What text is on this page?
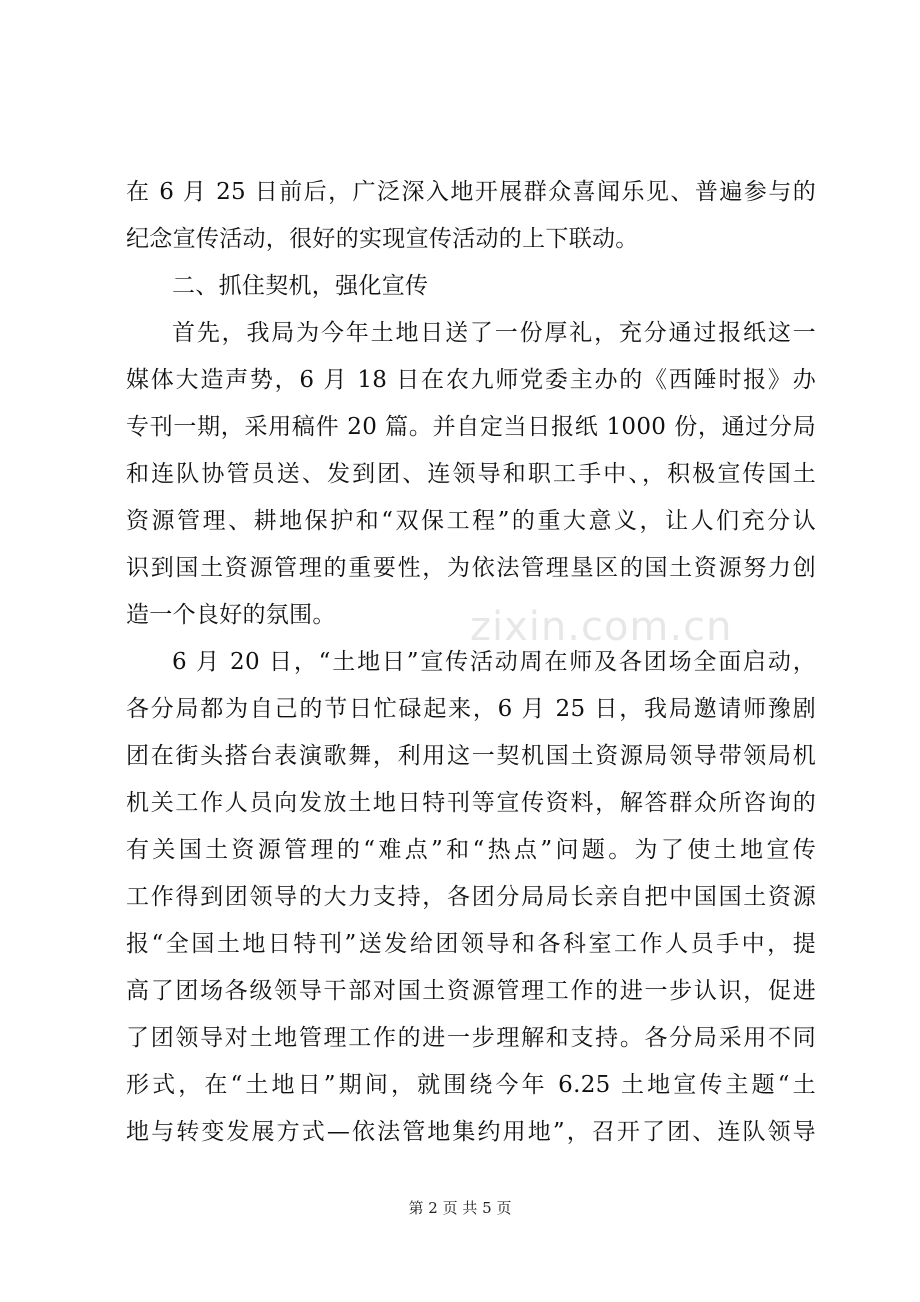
zixin.com.cn
在 6 月 25 日前后，广泛深入地开展群众喜闻乐见、普遍参与的
纪念宣传活动，很好的实现宣传活动的上下联动。
二、抓住契机，强化宣传
首先，我局为今年土地日送了一份厚礼，充分通过报纸这一
媒体大造声势，6 月 18 日在农九师党委主办的《西陲时报》办
专刊一期，采用稿件 20 篇。并自定当日报纸 1000 份，通过分局
和连队协管员送、发到团、连领导和职工手中、，积极宣传国土
资源管理、耕地保护和“双保工程”的重大意义，让人们充分认
识到国土资源管理的重要性，为依法管理垦区的国土资源努力创
造一个良好的氛围。
6 月 20 日，“土地日”宣传活动周在师及各团场全面启动，
各分局都为自己的节日忙碌起来，6 月 25 日，我局邀请师豫剧
团在街头搭台表演歌舞，利用这一契机国土资源局领导带领局机
机关工作人员向发放土地日特刊等宣传资料，解答群众所咨询的
有关国土资源管理的“难点”和“热点”问题。为了使土地宣传
工作得到团领导的大力支持，各团分局局长亲自把中国国土资源
报“全国土地日特刊”送发给团领导和各科室工作人员手中，提
高了团场各级领导干部对国土资源管理工作的进一步认识，促进
了团领导对土地管理工作的进一步理解和支持。各分局采用不同
形式，在“土地日”期间，就围绕今年 6.25 土地宣传主题“土
地与转变发展方式—依法管地集约用地”，召开了团、连队领导
第 2 页 共 5 页
